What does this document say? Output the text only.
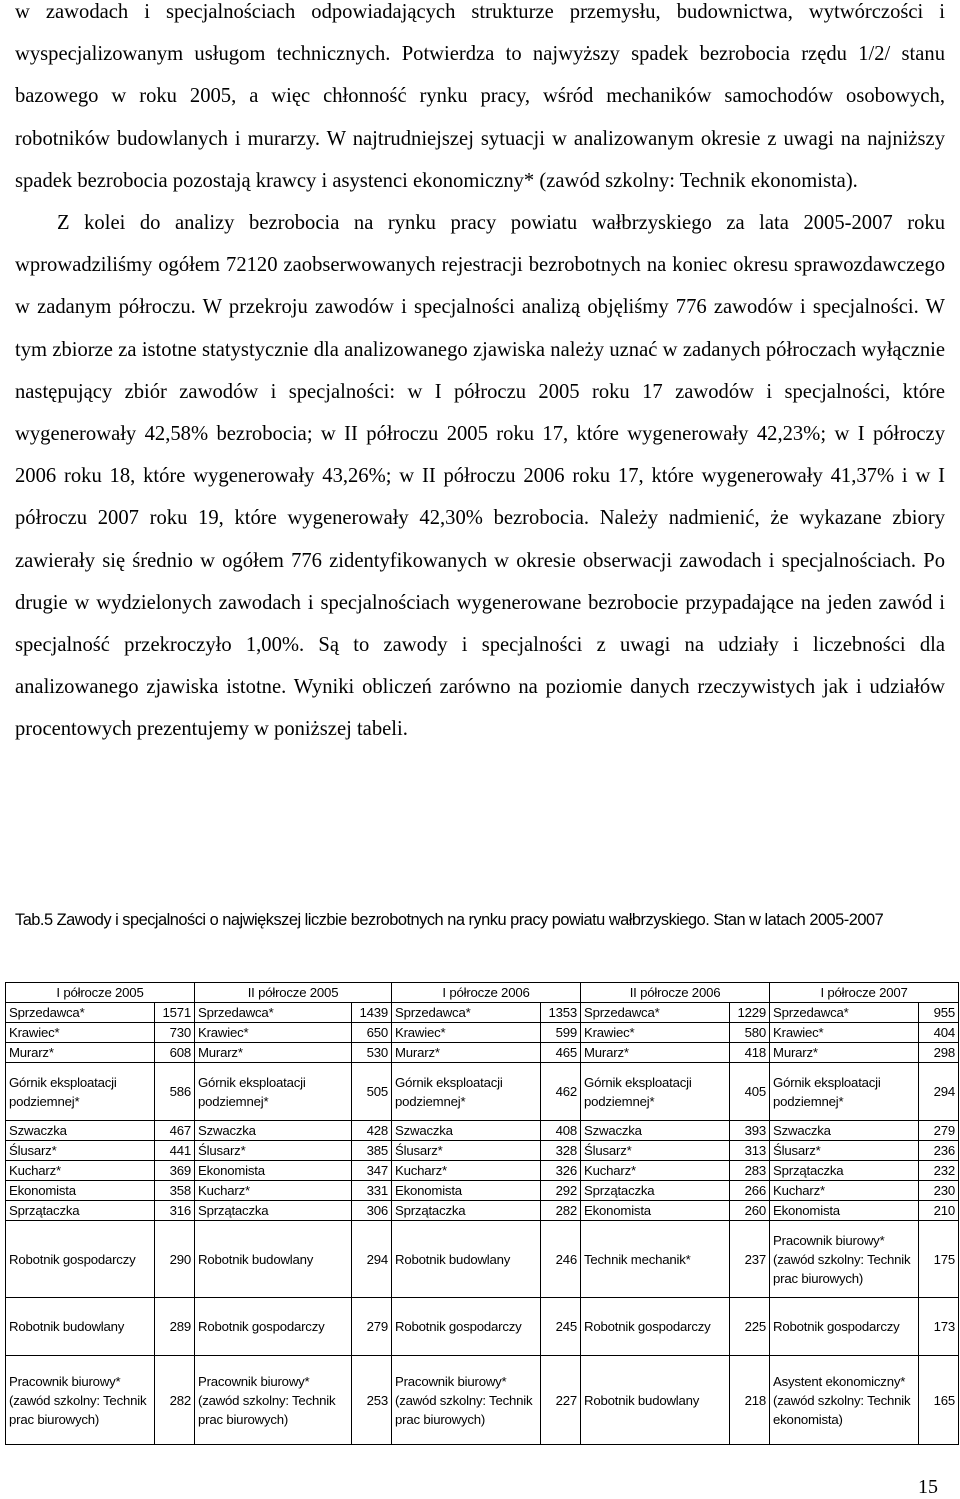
w zawodach i specjalnościach odpowiadających strukturze przemysłu, budownictwa, wytwórczości i wyspecjalizowanym usługom technicznych. Potwierdza to najwyższy spadek bezrobocia rzędu 1/2/ stanu bazowego w roku 2005, a więc chłonność rynku pracy, wśród mechaników samochodów osobowych, robotników budowlanych i murarzy. W najtrudniejszej sytuacji w analizowanym okresie z uwagi na najniższy spadek bezrobocia pozostają krawcy i asystenci ekonomiczny* (zawód szkolny: Technik ekonomista).

Z kolei do analizy bezrobocia na rynku pracy powiatu wałbrzyskiego za lata 2005-2007 roku wprowadziliśmy ogółem 72120 zaobserwowanych rejestracji bezrobotnych na koniec okresu sprawozdawczego w zadanym półroczu. W przekroju zawodów i specjalności analizą objęliśmy 776 zawodów i specjalności. W tym zbiorze za istotne statystycznie dla analizowanego zjawiska należy uznać w zadanych półroczach wyłącznie następujący zbiór zawodów i specjalności: w I półroczu 2005 roku 17 zawodów i specjalności, które wygenerowały 42,58% bezrobocia; w II półroczu 2005 roku 17, które wygenerowały 42,23%; w I półroczy 2006 roku 18, które wygenerowały 43,26%; w II półroczu 2006 roku 17, które wygenerowały 41,37% i w I półroczu 2007 roku 19, które wygenerowały 42,30% bezrobocia. Należy nadmienić, że wykazane zbiory zawierały się średnio w ogółem 776 zidentyfikowanych w okresie obserwacji zawodach i specjalnościach. Po drugie w wydzielonych zawodach i specjalnościach wygenerowane bezrobocie przypadające na jeden zawód i specjalność przekroczyło 1,00%. Są to zawody i specjalności z uwagi na udziały i liczebności dla analizowanego zjawiska istotne. Wyniki obliczeń zarówno na poziomie danych rzeczywistych jak i udziałów procentowych prezentujemy w poniższej tabeli.

Tab.5 Zawody i specjalności o największej liczbie bezrobotnych na rynku pracy powiatu wałbrzyskiego. Stan w latach 2005-2007
I półrocze 2005		II półrocze 2005		I półrocze 2006		II półrocze 2006		I półrocze 2007	
Sprzedawca*	1571	Sprzedawca*	1439	Sprzedawca*	1353	Sprzedawca*	1229	Sprzedawca*	955
Krawiec*	730	Krawiec*	650	Krawiec*	599	Krawiec*	580	Krawiec*	404
Murarz*	608	Murarz*	530	Murarz*	465	Murarz*	418	Murarz*	298
Górnik eksploatacji podziemnej*	586	Górnik eksploatacji podziemnej*	505	Górnik eksploatacji podziemnej*	462	Górnik eksploatacji podziemnej*	405	Górnik eksploatacji podziemnej*	294
Szwaczka	467	Szwaczka	428	Szwaczka	408	Szwaczka	393	Szwaczka	279
Ślusarz*	441	Ślusarz*	385	Ślusarz*	328	Ślusarz*	313	Ślusarz*	236
Kucharz*	369	Ekonomista	347	Kucharz*	326	Kucharz*	283	Sprzątaczka	232
Ekonomista	358	Kucharz*	331	Ekonomista	292	Sprzątaczka	266	Kucharz*	230
Sprzątaczka	316	Sprzątaczka	306	Sprzątaczka	282	Ekonomista	260	Ekonomista	210
Robotnik gospodarczy	290	Robotnik budowlany	294	Robotnik budowlany	246	Technik mechanik*	237	Pracownik biurowy* (zawód szkolny: Technik prac biurowych)	175
Robotnik budowlany	289	Robotnik gospodarczy	279	Robotnik gospodarczy	245	Robotnik gospodarczy	225	Robotnik gospodarczy	173
Pracownik biurowy* (zawód szkolny: Technik prac biurowych)	282	Pracownik biurowy* (zawód szkolny: Technik prac biurowych)	253	Pracownik biurowy* (zawód szkolny: Technik prac biurowych)	227	Robotnik budowlany	218	Asystent ekonomiczny* (zawód szkolny: Technik ekonomista)	165
15
